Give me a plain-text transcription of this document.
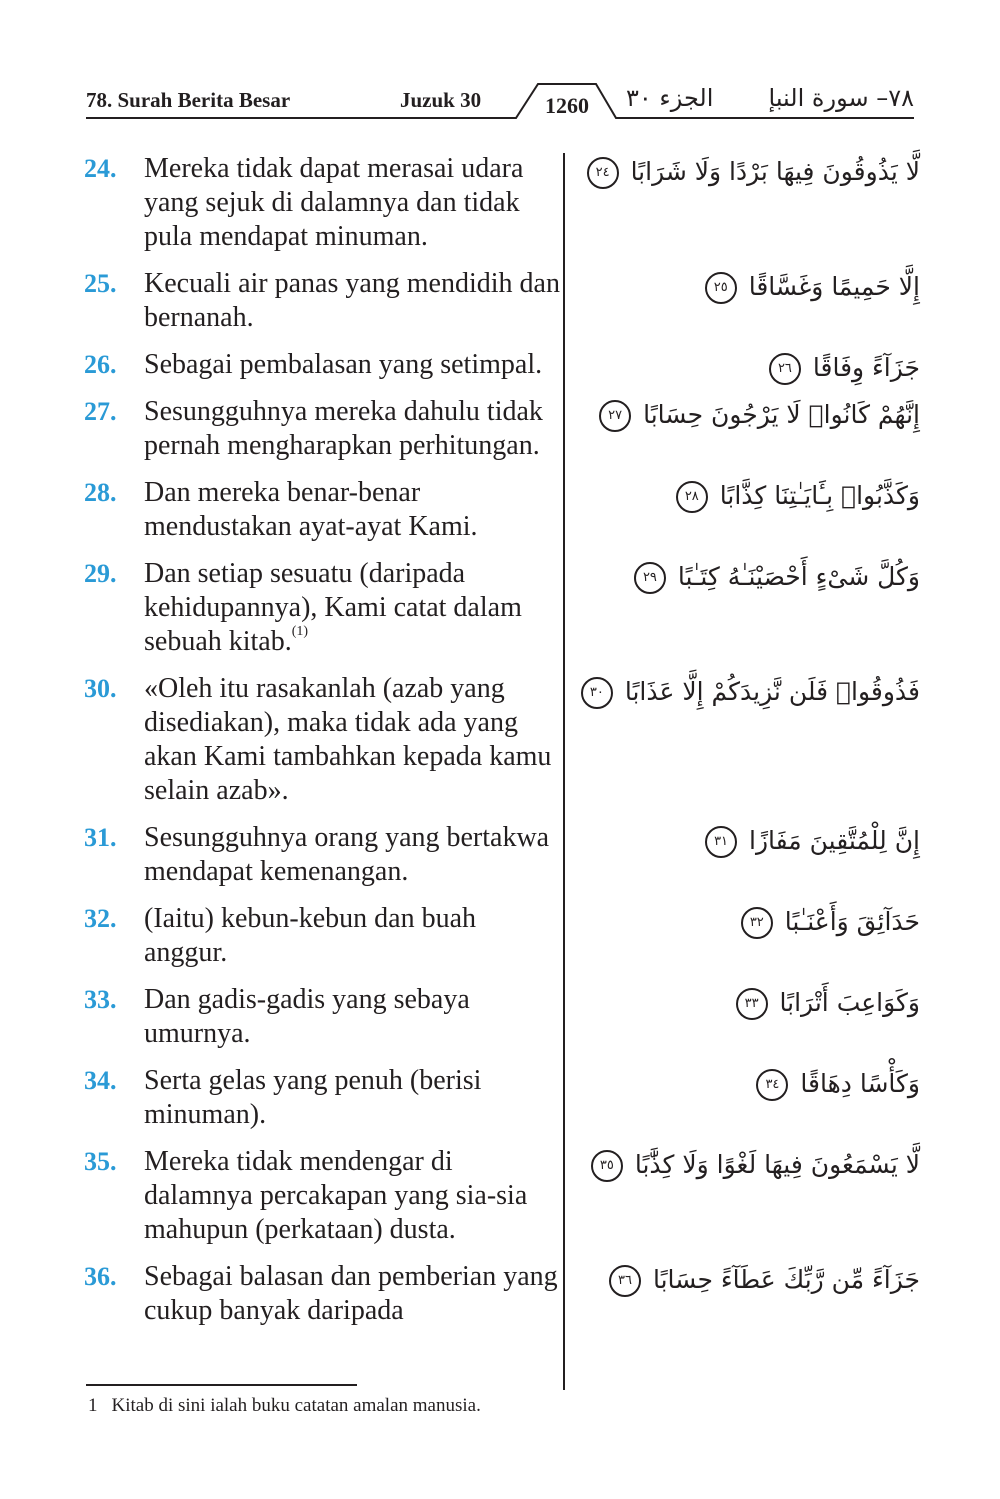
78. Surah Berita Besar	Juzuk 30	1260 الجزء ٣٠ ٧٨– سورة النبإ
24. Mereka tidak dapat merasai udara yang sejuk di dalamnya dan tidak pula mendapat minuman.
لَّا يَذُوقُونَ فِيهَا بَرْدًا وَلَا شَرَابًا ٢٤
25. Kecuali air panas yang mendidih dan bernanah.
إِلَّا حَمِيمًا وَغَسَّاقًا ٢٥
26. Sebagai pembalasan yang setimpal.	جَزَآءً وِفَاقًا ٢٦
27. Sesungguhnya mereka dahulu tidak pernah mengharapkan perhitungan.
إِنَّهُمْ كَانُوا۟ لَا يَرْجُونَ حِسَابًا ٢٧
28. Dan mereka benar-benar mendustakan ayat-ayat Kami.
وَكَذَّبُوا۟ بِـَٔايَـٰتِنَا كِذَّابًا ٢٨
29. Dan setiap sesuatu (daripada kehidupannya), Kami catat dalam sebuah kitab.$^{(1)}$
وَكُلَّ شَىْءٍ أَحْصَيْنَـٰهُ كِتَـٰبًا ٢٩
30. «Oleh itu rasakanlah (azab yang disediakan), maka tidak ada yang akan Kami tambahkan kepada kamu selain azab».
فَذُوقُوا۟ فَلَن نَّزِيدَكُمْ إِلَّا عَذَابًا ٣٠
31. Sesungguhnya orang yang bertakwa mendapat kemenangan.
إِنَّ لِلْمُتَّقِينَ مَفَازًا ٣١
32. (Iaitu) kebun-kebun dan buah anggur.
حَدَآئِقَ وَأَعْنَـٰبًا ٣٢
33. Dan gadis-gadis yang sebaya umurnya.
وَكَوَاعِبَ أَتْرَابًا ٣٣
34. Serta gelas yang penuh (berisi minuman).
وَكَأْسًا دِهَاقًا ٣٤
35. Mereka tidak mendengar di dalamnya percakapan yang sia-sia mahupun (perkataan) dusta.
لَّا يَسْمَعُونَ فِيهَا لَغْوًا وَلَا كِذَّٰبًا ٣٥
36. Sebagai balasan dan pemberian yang cukup banyak daripada
جَزَآءً مِّن رَّبِّكَ عَطَآءً حِسَابًا ٣٦
1 Kitab di sini ialah buku catatan amalan manusia.
